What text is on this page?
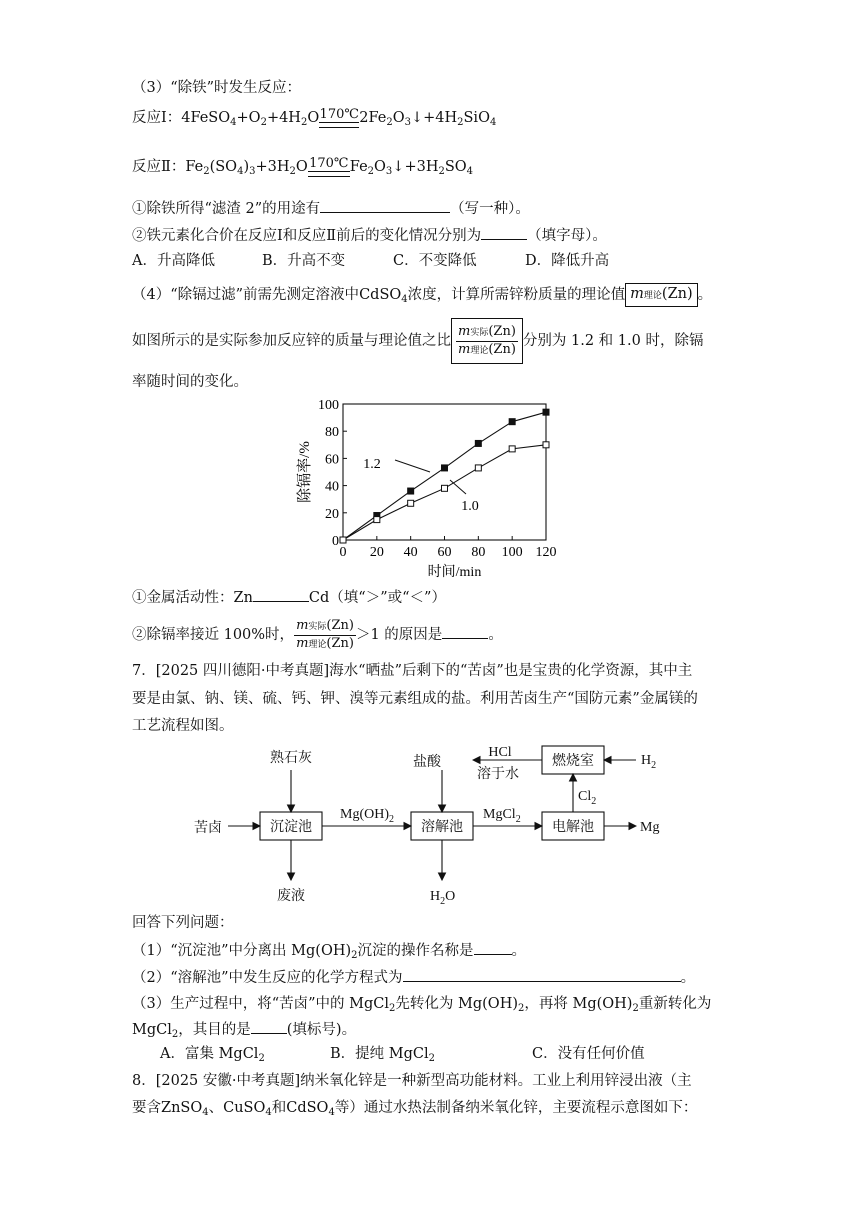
（3）“除铁”时发生反应：
反应Ⅰ：$4FeSO_4+O_2+4H_2O$ 170℃ $2Fe_2O_3↓+4H_2SiO_4$
反应Ⅱ：$Fe_2(SO_4)_3+3H_2O$ 170℃ $Fe_2O_3↓+3H_2SO_4$
①除铁所得“滤渣 2”的用途有	（写一种）。
②铁元素化合价在反应Ⅰ和反应Ⅱ前后的变化情况分别为	（填字母）。
A．升高降低	B．升高不变	C．不变降低	D．降低升高
（4）“除镉过滤”前需先测定溶液中CdSO$_4$浓度，计算所需锌粉质量的理论值 m理论(Zn) 。
如图所示的是实际参加反应锌的质量与理论值之比 $\frac{\text{m实际(Zn)}}{\text{m理论(Zn)}}$ 分别为 1.2 和 1.0 时，除镉
率随时间的变化。
0 20 40 60 80 100 120
0
20
40
60
80
100
时间/min
除镉率/%	1.2
1.0
①金属活动性：Zn	Cd（填“＞”或“＜”）
②除镉率接近 100%时， $\frac{\text{m实际(Zn)}}{\text{m理论(Zn)}} >1$ 的原因是	。
7．[2025 四川德阳·中考真题]海水“晒盐”后剩下的“苦卤”也是宝贵的化学资源，其中主
要是由氯、钠、镁、硫、钙、钾、溴等元素组成的盐。利用苦卤生产“国防元素”金属镁的
工艺流程如图。
沉淀池	溶解池	电解池
燃烧室
熟石灰
苦卤
废液
盐酸
HCl
溶于水
$H_2$
$Cl_2$
$Mg(OH)_2$	MgCl$_2$
Mg
$H_2O$
回答下列问题：
（1）“沉淀池”中分离出 $Mg(OH)_2$沉淀的操作名称是	。
（2）“溶解池”中发生反应的化学方程式为	。
（3）生产过程中，将“苦卤”中的 MgCl$_2$先转化为 $Mg(OH)_2$，再将 $Mg(OH)_2$重新转化为
MgCl$_2$，其目的是 (填标号)。
A．富集 MgCl$_2$	B．提纯 MgCl$_2$	C．没有任何价值
8．[2025 安徽·中考真题]纳米氧化锌是一种新型高功能材料。工业上利用锌浸出液（主
要含ZnSO$_4$、CuSO$_4$和CdSO$_4$等）通过水热法制备纳米氧化锌，主要流程示意图如下：
